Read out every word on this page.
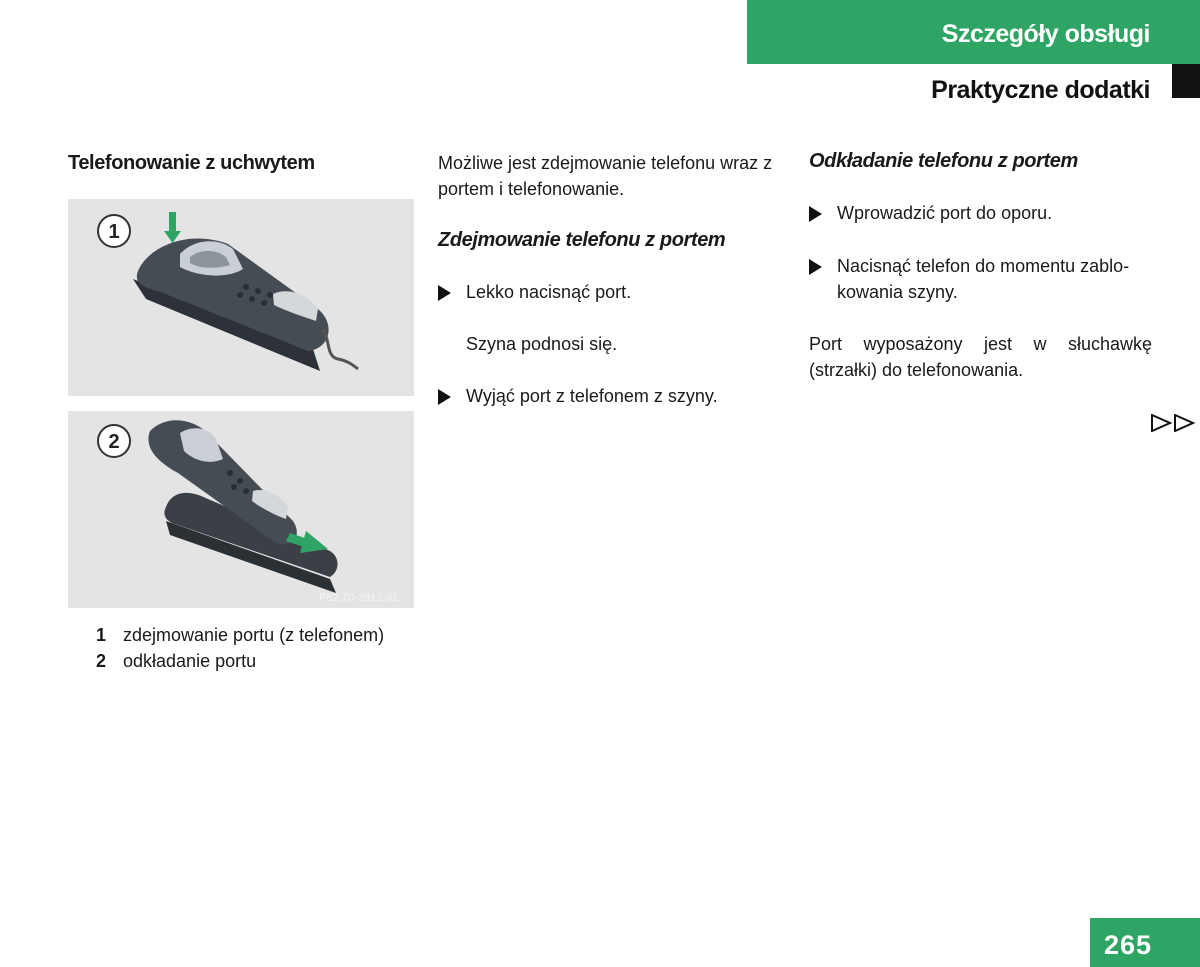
Szczegóły obsługi
Praktyczne dodatki
Telefonowanie z uchwytem
1
2
P82.70-3912-31
1 zdejmowanie portu (z telefonem)
2 odkładanie portu

Możliwe jest zdejmowanie telefonu wraz z portem i telefonowanie.

Zdejmowanie telefonu z portem

Lekko nacisnąć port.

Szyna podnosi się.

Wyjąć port z telefonem z szyny.

Odkładanie telefonu z portem

Wprowadzić port do oporu.
Nacisnąć telefon do momentu zablo-kowania szyny.

Port wyposażony jest w słuchawkę (strzałki) do telefonowania.

265
